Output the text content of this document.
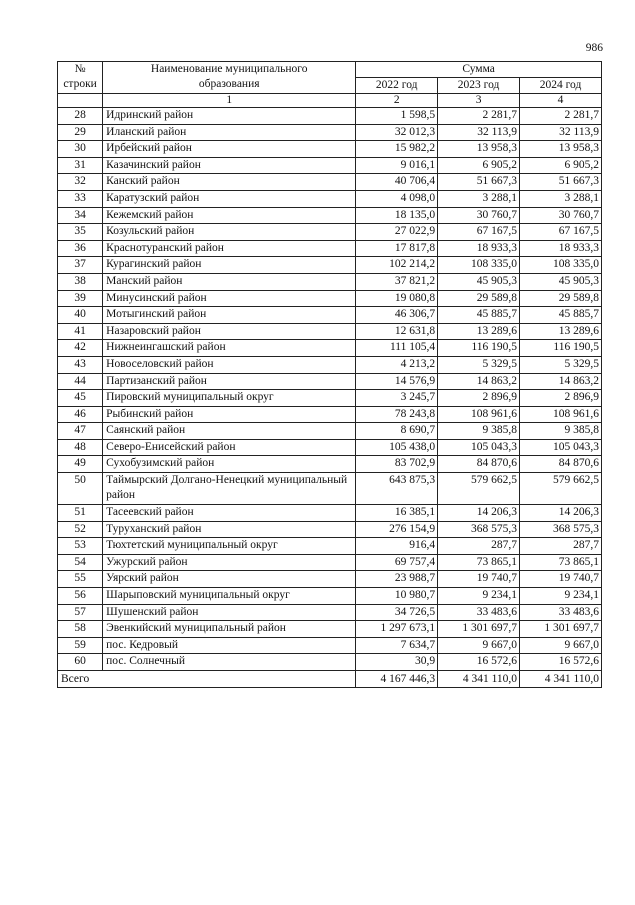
986
№
строки	Наименование муниципального
образования	Сумма		
		2022 год	2023 год	2024 год
	1	2	3	4
28	Идринский район	1 598,5	2 281,7	2 281,7
29	Иланский район	32 012,3	32 113,9	32 113,9
30	Ирбейский район	15 982,2	13 958,3	13 958,3
31	Казачинский район	9 016,1	6 905,2	6 905,2
32	Канский район	40 706,4	51 667,3	51 667,3
33	Каратузский район	4 098,0	3 288,1	3 288,1
34	Кежемский район	18 135,0	30 760,7	30 760,7
35	Козульский район	27 022,9	67 167,5	67 167,5
36	Краснотуранский район	17 817,8	18 933,3	18 933,3
37	Курагинский район	102 214,2	108 335,0	108 335,0
38	Манский район	37 821,2	45 905,3	45 905,3
39	Минусинский район	19 080,8	29 589,8	29 589,8
40	Мотыгинский район	46 306,7	45 885,7	45 885,7
41	Назаровский район	12 631,8	13 289,6	13 289,6
42	Нижнеингашский район	111 105,4	116 190,5	116 190,5
43	Новоселовский район	4 213,2	5 329,5	5 329,5
44	Партизанский район	14 576,9	14 863,2	14 863,2
45	Пировский муниципальный округ	3 245,7	2 896,9	2 896,9
46	Рыбинский район	78 243,8	108 961,6	108 961,6
47	Саянский район	8 690,7	9 385,8	9 385,8
48	Северо-Енисейский район	105 438,0	105 043,3	105 043,3
49	Сухобузимский район	83 702,9	84 870,6	84 870,6
50	Таймырский Долгано-Ненецкий муниципальный район	643 875,3	579 662,5	579 662,5
51	Тасеевский район	16 385,1	14 206,3	14 206,3
52	Туруханский район	276 154,9	368 575,3	368 575,3
53	Тюхтетский муниципальный округ	916,4	287,7	287,7
54	Ужурский район	69 757,4	73 865,1	73 865,1
55	Уярский район	23 988,7	19 740,7	19 740,7
56	Шарыповский муниципальный округ	10 980,7	9 234,1	9 234,1
57	Шушенский район	34 726,5	33 483,6	33 483,6
58	Эвенкийский муниципальный район	1 297 673,1	1 301 697,7	1 301 697,7
59	пос. Кедровый	7 634,7	9 667,0	9 667,0
60	пос. Солнечный	30,9	16 572,6	16 572,6
Всего		4 167 446,3	4 341 110,0	4 341 110,0
